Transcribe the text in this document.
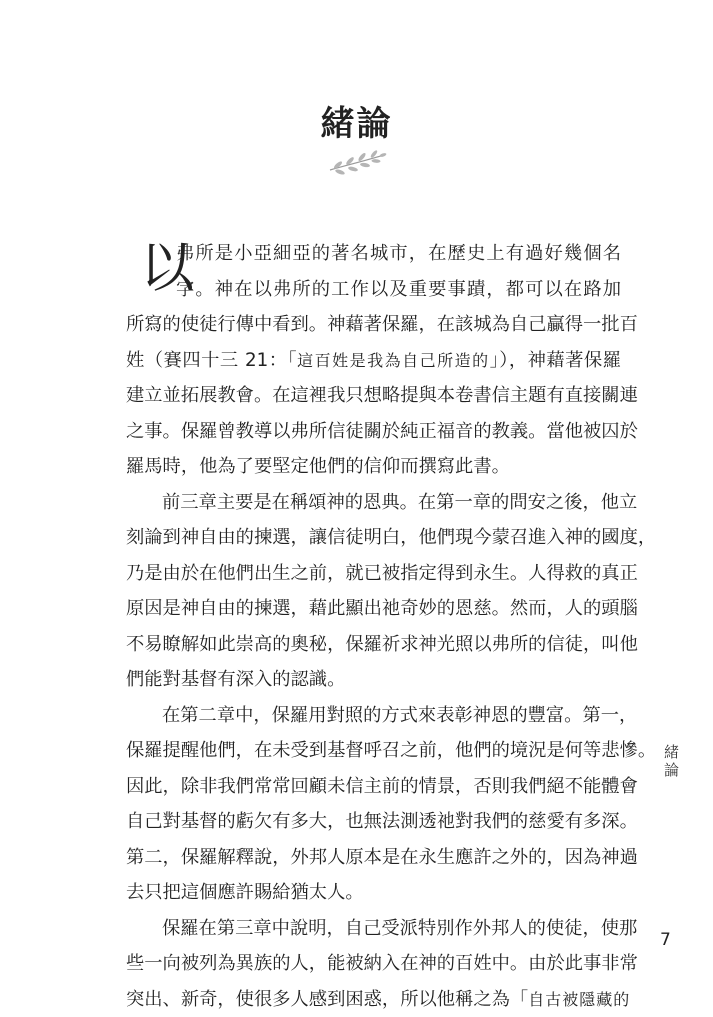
緒論
以
弗所是小亞細亞的著名城市，在歷史上有過好幾個名
字。神在以弗所的工作以及重要事蹟，都可以在路加
所寫的使徒行傳中看到。神藉著保羅，在該城為自己贏得一批百
姓（賽四十三 21：「這百姓是我為自己所造的」），神藉著保羅
建立並拓展教會。在這裡我只想略提與本卷書信主題有直接關連
之事。保羅曾教導以弗所信徒關於純正福音的教義。當他被囚於
羅馬時，他為了要堅定他們的信仰而撰寫此書。
前三章主要是在稱頌神的恩典。在第一章的問安之後，他立
刻論到神自由的揀選，讓信徒明白，他們現今蒙召進入神的國度，
乃是由於在他們出生之前，就已被指定得到永生。人得救的真正
原因是神自由的揀選，藉此顯出祂奇妙的恩慈。然而，人的頭腦
不易瞭解如此崇高的奧秘，保羅祈求神光照以弗所的信徒，叫他
們能對基督有深入的認識。
在第二章中，保羅用對照的方式來表彰神恩的豐富。第一，
保羅提醒他們，在未受到基督呼召之前，他們的境況是何等悲慘。
因此，除非我們常常回顧未信主前的情景，否則我們絕不能體會
自己對基督的虧欠有多大，也無法測透祂對我們的慈愛有多深。
第二，保羅解釋說，外邦人原本是在永生應許之外的，因為神過
去只把這個應許賜給猶太人。
保羅在第三章中說明，自己受派特別作外邦人的使徒，使那
些一向被列為異族的人，能被納入在神的百姓中。由於此事非常
突出、新奇，使很多人感到困惑，所以他稱之為「自古被隱藏的
緒論
7
